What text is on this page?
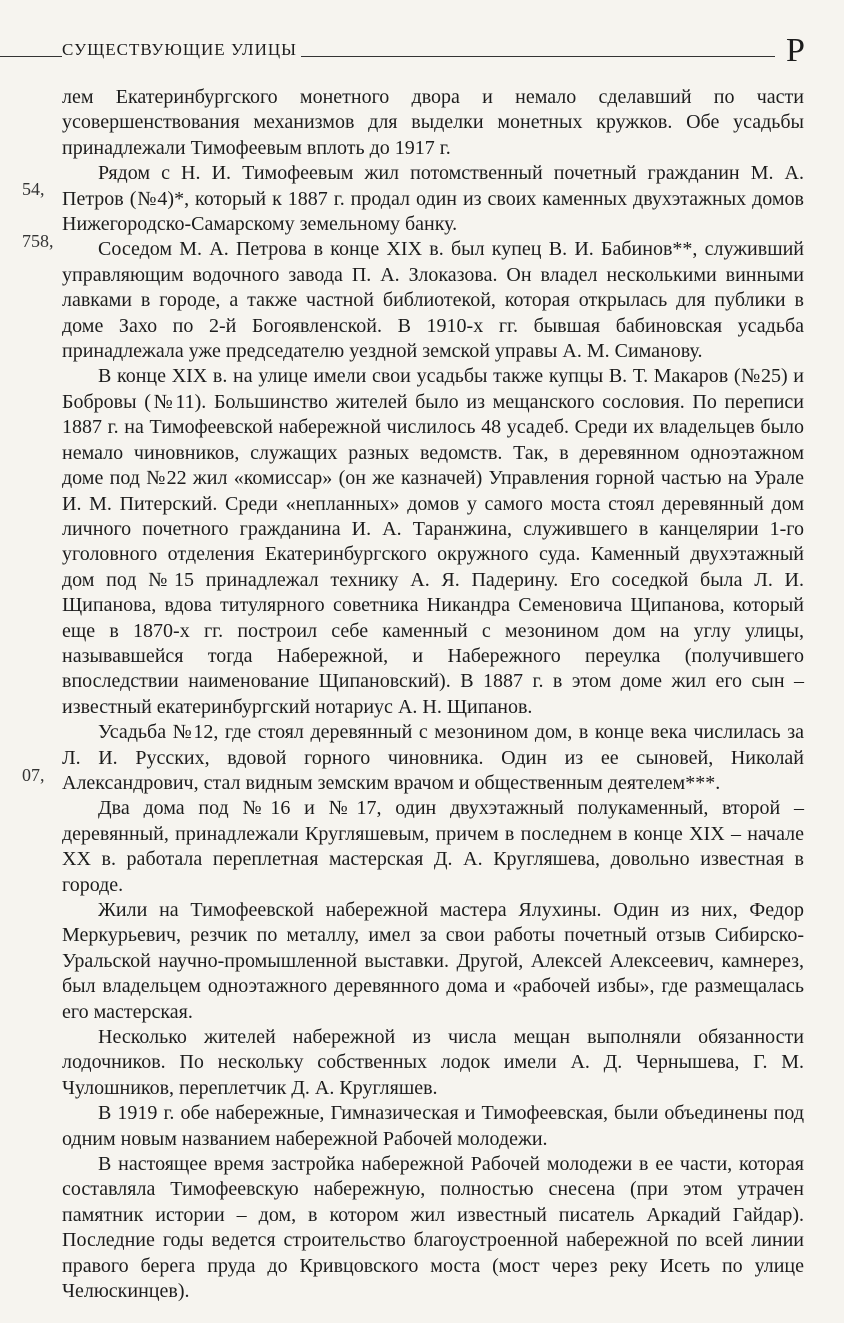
СУЩЕСТВУЮЩИЕ УЛИЦЫ	Р
54,
758,
07,

лем Екатеринбургского монетного двора и немало сделавший по части усовершенствования механизмов для выделки монетных кружков. Обе усадьбы принадлежали Тимофеевым вплоть до 1917 г.

Рядом с Н. И. Тимофеевым жил потомственный почетный гражданин М. А. Петров (№4)*, который к 1887 г. продал один из своих каменных двухэтажных домов Нижегородско-Самарскому земельному банку.

Соседом М. А. Петрова в конце XIX в. был купец В. И. Бабинов**, служивший управляющим водочного завода П. А. Злоказова. Он владел несколькими винными лавками в городе, а также частной библиотекой, которая открылась для публики в доме Захо по 2-й Богоявленской. В 1910-х гг. бывшая бабиновская усадьба принадлежала уже председателю уездной земской управы А. М. Симанову.

В конце XIX в. на улице имели свои усадьбы также купцы В. Т. Макаров (№25) и Бобровы (№11). Большинство жителей было из мещанского сословия. По переписи 1887 г. на Тимофеевской набережной числилось 48 усадеб. Среди их владельцев было немало чиновников, служащих разных ведомств. Так, в деревянном одноэтажном доме под №22 жил «комиссар» (он же казначей) Управления горной частью на Урале И. М. Питерский. Среди «непланных» домов у самого моста стоял деревянный дом личного почетного гражданина И. А. Таранжина, служившего в канцелярии 1-го уголовного отделения Екатеринбургского окружного суда. Каменный двухэтажный дом под №15 принадлежал технику А. Я. Падерину. Его соседкой была Л. И. Щипанова, вдова титулярного советника Никандра Семеновича Щипанова, который еще в 1870-х гг. построил себе каменный с мезонином дом на углу улицы, называвшейся тогда Набережной, и Набережного переулка (получившего впоследствии наименование Щипановский). В 1887 г. в этом доме жил его сын – известный екатеринбургский нотариус А. Н. Щипанов.

Усадьба №12, где стоял деревянный с мезонином дом, в конце века числилась за Л. И. Русских, вдовой горного чиновника. Один из ее сыновей, Николай Александрович, стал видным земским врачом и общественным деятелем***.

Два дома под №16 и №17, один двухэтажный полукаменный, второй – деревянный, принадлежали Кругляшевым, причем в последнем в конце XIX – начале XX в. работала переплетная мастерская Д. А. Кругляшева, довольно известная в городе.

Жили на Тимофеевской набережной мастера Ялухины. Один из них, Федор Меркурьевич, резчик по металлу, имел за свои работы почетный отзыв Сибирско-Уральской научно-промышленной выставки. Другой, Алексей Алексеевич, камнерез, был владельцем одноэтажного деревянного дома и «рабочей избы», где размещалась его мастерская.

Несколько жителей набережной из числа мещан выполняли обязанности лодочников. По нескольку собственных лодок имели А. Д. Чернышева, Г. М. Чулошников, переплетчик Д. А. Кругляшев.

В 1919 г. обе набережные, Гимназическая и Тимофеевская, были объединены под одним новым названием набережной Рабочей молодежи.

В настоящее время застройка набережной Рабочей молодежи в ее части, которая составляла Тимофеевскую набережную, полностью снесена (при этом утрачен памятник истории – дом, в котором жил известный писатель Аркадий Гайдар). Последние годы ведется строительство благоустроенной набережной по всей линии правого берега пруда до Кривцовского моста (мост через реку Исеть по улице Челюскинцев).
